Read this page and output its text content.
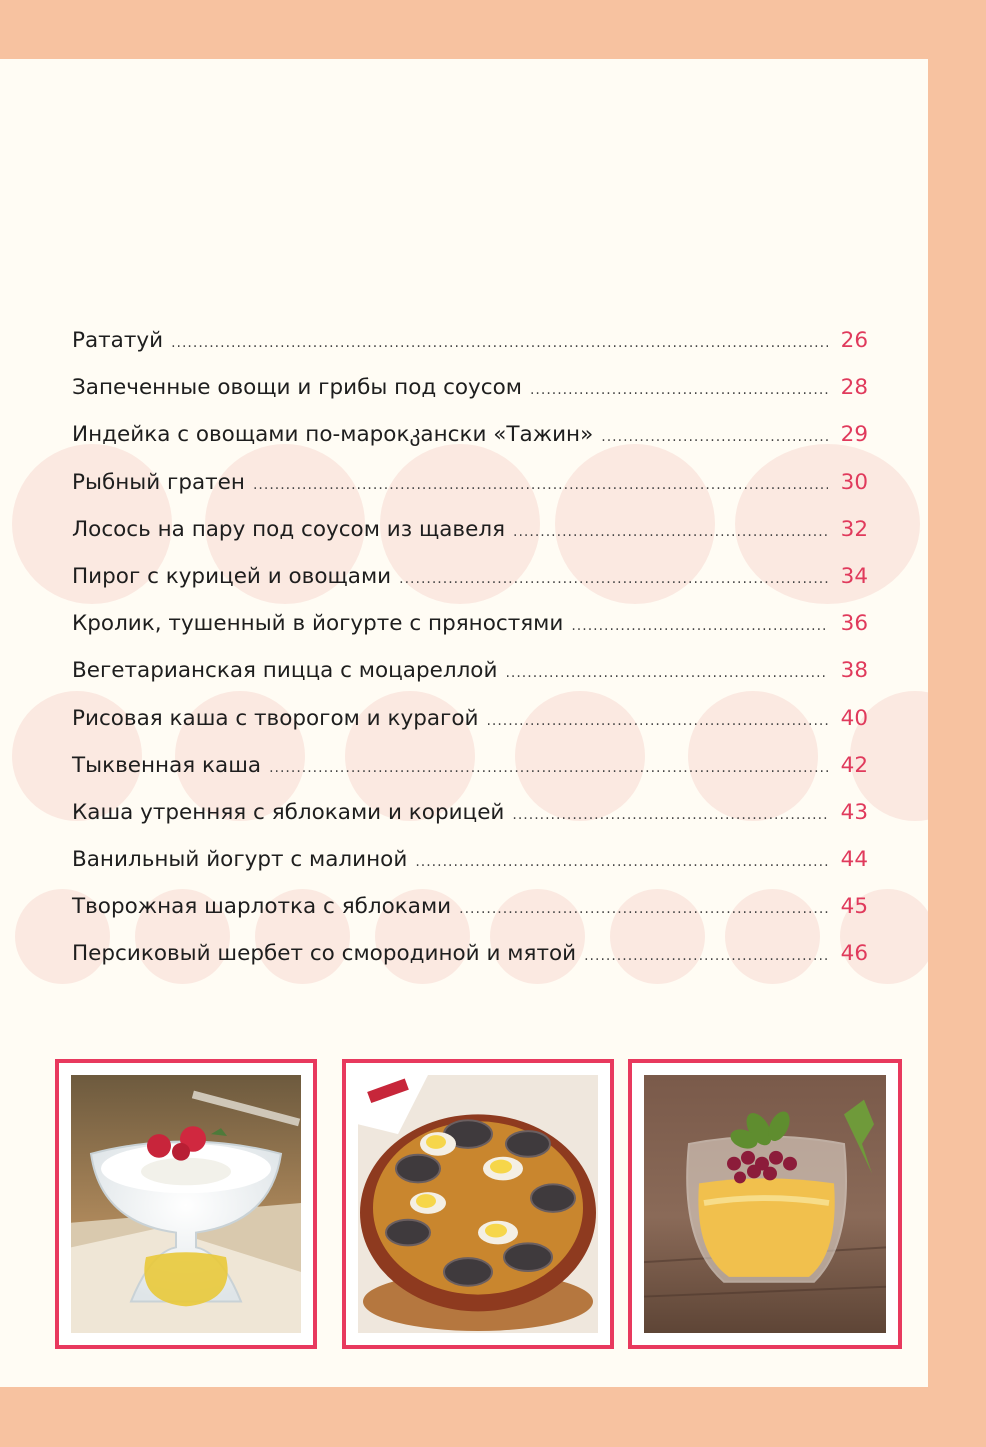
Рататуй .....	26
Запеченные овощи и грибы под соусом .....	28
Индейка с овощами по-марокკански «Тажин» .....	29
Рыбный гратен .....	30
Лосось на пару под соусом из щавеля .....	32
Пирог с курицей и овощами .....	34
Кролик, тушенный в йогурте с пряностями .....	36
Вегетарианская пицца с моцареллой .....	38
Рисовая каша с творогом и курагой .....	40
Тыквенная каша .....	42
Каша утренняя с яблоками и корицей .....	43
Ванильный йогурт с малиной .....	44
Творожная шарлотка с яблоками .....	45
Персиковый шербет со смородиной и мятой .....	46
